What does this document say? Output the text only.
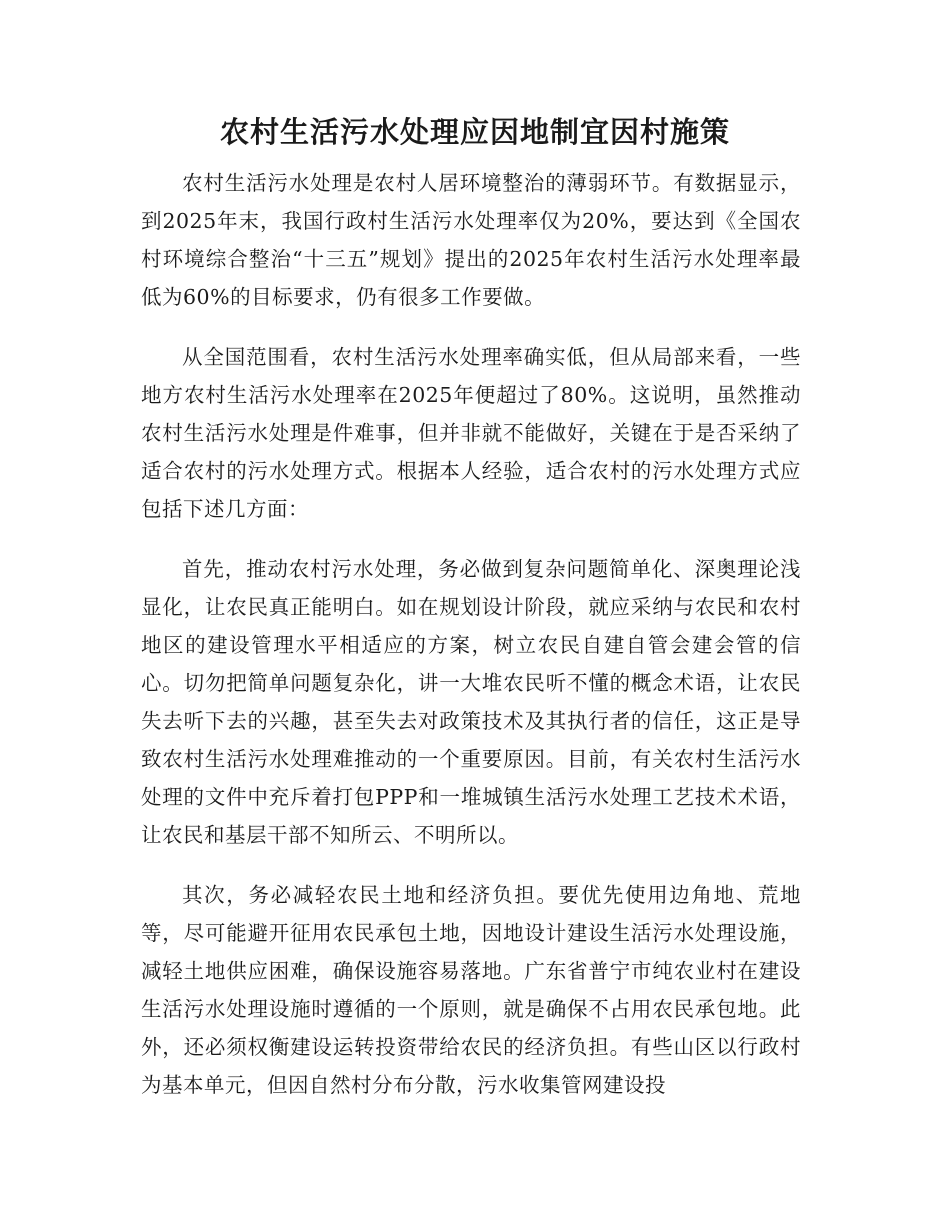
农村生活污水处理应因地制宜因村施策

农村生活污水处理是农村人居环境整治的薄弱环节。有数据显示，到2025年末，我国行政村生活污水处理率仅为20%，要达到《全国农村环境综合整治“十三五”规划》提出的2025年农村生活污水处理率最低为60%的目标要求，仍有很多工作要做。

从全国范围看，农村生活污水处理率确实低，但从局部来看，一些地方农村生活污水处理率在2025年便超过了80%。这说明，虽然推动农村生活污水处理是件难事，但并非就不能做好，关键在于是否采纳了适合农村的污水处理方式。根据本人经验，适合农村的污水处理方式应包括下述几方面：

首先，推动农村污水处理，务必做到复杂问题简单化、深奥理论浅显化，让农民真正能明白。如在规划设计阶段，就应采纳与农民和农村地区的建设管理水平相适应的方案，树立农民自建自管会建会管的信心。切勿把简单问题复杂化，讲一大堆农民听不懂的概念术语，让农民失去听下去的兴趣，甚至失去对政策技术及其执行者的信任，这正是导致农村生活污水处理难推动的一个重要原因。目前，有关农村生活污水处理的文件中充斥着打包PPP和一堆城镇生活污水处理工艺技术术语，让农民和基层干部不知所云、不明所以。

其次，务必减轻农民土地和经济负担。要优先使用边角地、荒地等，尽可能避开征用农民承包土地，因地设计建设生活污水处理设施，减轻土地供应困难，确保设施容易落地。广东省普宁市纯农业村在建设生活污水处理设施时遵循的一个原则，就是确保不占用农民承包地。此外，还必须权衡建设运转投资带给农民的经济负担。有些山区以行政村为基本单元，但因自然村分布分散，污水收集管网建设投
